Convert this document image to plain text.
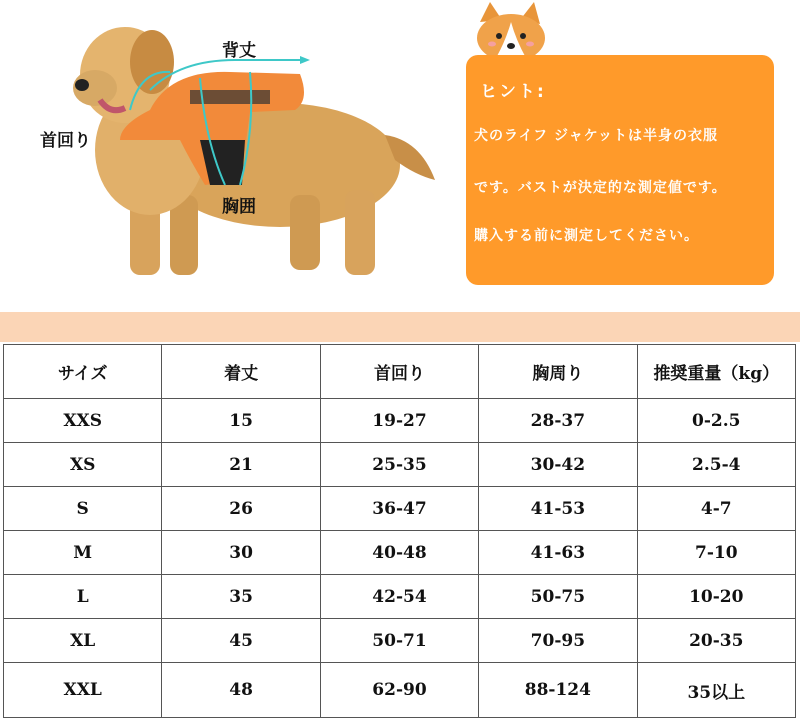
背丈
首回り
胸囲
ヒント:
犬のライフ ジャケットは半身の衣服
です。バストが決定的な測定値です。
購入する前に測定してください。
サイズ	着丈	首回り	胸周り	推奨重量（kg）
XXS	15	19-27	28-37	0-2.5
XS	21	25-35	30-42	2.5-4
S	26	36-47	41-53	4-7
M	30	40-48	41-63	7-10
L	35	42-54	50-75	10-20
XL	45	50-71	70-95	20-35
XXL	48	62-90	88-124	35以上
